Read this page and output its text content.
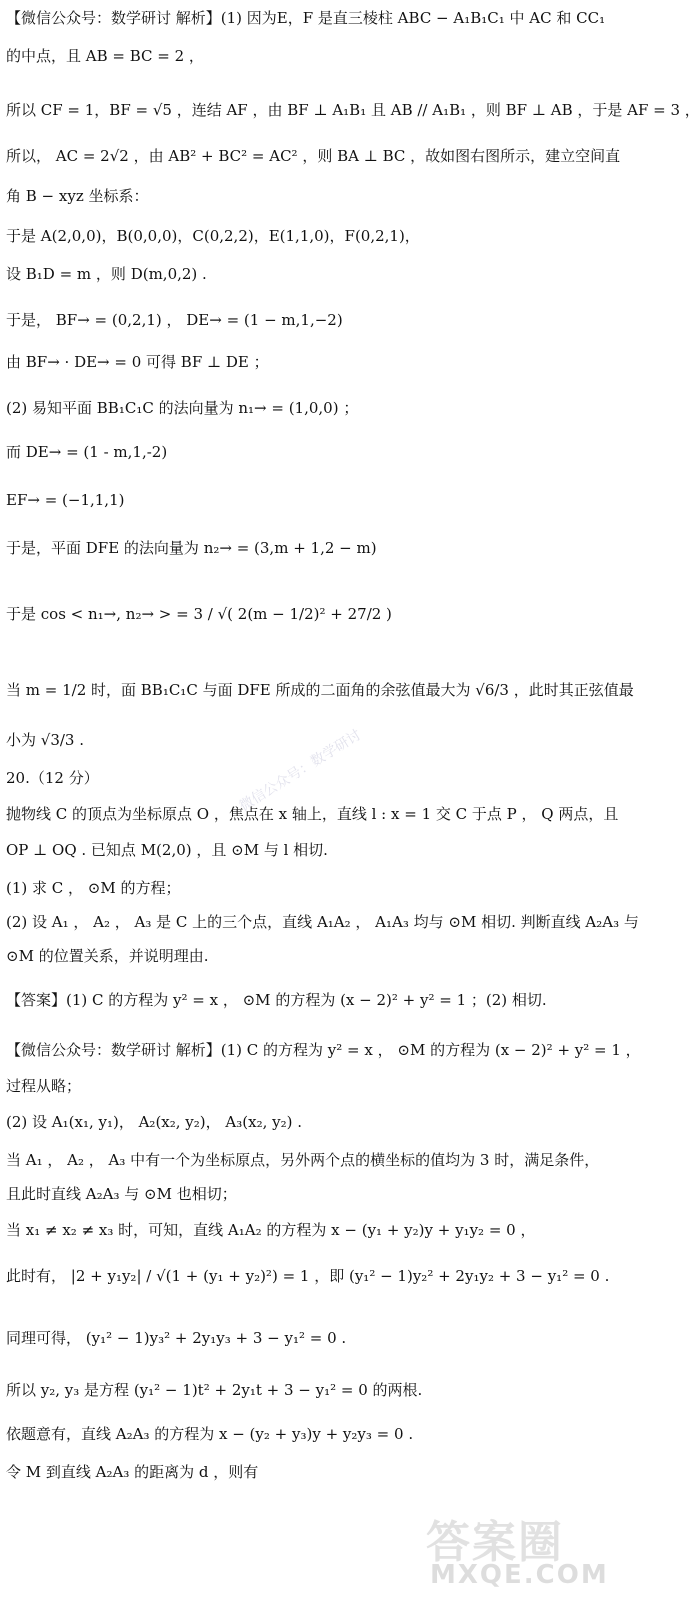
【微信公众号：数学研讨 解析】(1) 因为E，F 是直三棱柱 ABC − A₁B₁C₁ 中 AC 和 CC₁
的中点，且 AB = BC = 2 ，
所以 CF = 1，BF = √5 ，连结 AF ，由 BF ⊥ A₁B₁ 且 AB // A₁B₁ ，则 BF ⊥ AB ，于是 AF = 3 ，
所以， AC = 2√2 ，由 AB² + BC² = AC² ，则 BA ⊥ BC ，故如图右图所示，建立空间直
角 B − xyz 坐标系：
于是 A(2,0,0)，B(0,0,0)，C(0,2,2)，E(1,1,0)，F(0,2,1)，
设 B₁D = m ，则 D(m,0,2) .
于是， BF→ = (0,2,1) ， DE→ = (1 − m,1,−2)
由 BF→ · DE→ = 0 可得 BF ⊥ DE ；
(2) 易知平面 BB₁C₁C 的法向量为 n₁→ = (1,0,0) ；
而 DE→ = (1 - m,1,-2)
EF→ = (−1,1,1)
于是，平面 DFE 的法向量为 n₂→ = (3,m + 1,2 − m)
于是 cos < n₁→, n₂→ > = 3 / √( 2(m − 1/2)² + 27/2 )
当 m = 1/2 时，面 BB₁C₁C 与面 DFE 所成的二面角的余弦值最大为 √6/3 ，此时其正弦值最
小为 √3/3 .
20.（12 分）
抛物线 C 的顶点为坐标原点 O ，焦点在 x 轴上，直线 l : x = 1 交 C 于点 P ， Q 两点，且
OP ⊥ OQ . 已知点 M(2,0) ，且 ⊙M 与 l 相切.
(1) 求 C ， ⊙M 的方程；
(2) 设 A₁ ， A₂ ， A₃ 是 C 上的三个点，直线 A₁A₂ ， A₁A₃ 均与 ⊙M 相切. 判断直线 A₂A₃ 与
⊙M 的位置关系，并说明理由.
【答案】(1) C 的方程为 y² = x ， ⊙M 的方程为 (x − 2)² + y² = 1 ；(2) 相切.
【微信公众号：数学研讨 解析】(1) C 的方程为 y² = x ， ⊙M 的方程为 (x − 2)² + y² = 1 ，
过程从略；
(2) 设 A₁(x₁, y₁)， A₂(x₂, y₂)， A₃(x₂, y₂) .
当 A₁ ， A₂ ， A₃ 中有一个为坐标原点，另外两个点的横坐标的值均为 3 时，满足条件，
且此时直线 A₂A₃ 与 ⊙M 也相切；
当 x₁ ≠ x₂ ≠ x₃ 时，可知，直线 A₁A₂ 的方程为 x − (y₁ + y₂)y + y₁y₂ = 0 ，
此时有， |2 + y₁y₂| / √(1 + (y₁ + y₂)²) = 1 ，即 (y₁² − 1)y₂² + 2y₁y₂ + 3 − y₁² = 0 .
同理可得， (y₁² − 1)y₃² + 2y₁y₃ + 3 − y₁² = 0 .
所以 y₂, y₃ 是方程 (y₁² − 1)t² + 2y₁t + 3 − y₁² = 0 的两根.
依题意有，直线 A₂A₃ 的方程为 x − (y₂ + y₃)y + y₂y₃ = 0 .
令 M 到直线 A₂A₃ 的距离为 d ，则有
微信公众号：数学研讨
答案圈
MXQE.COM
